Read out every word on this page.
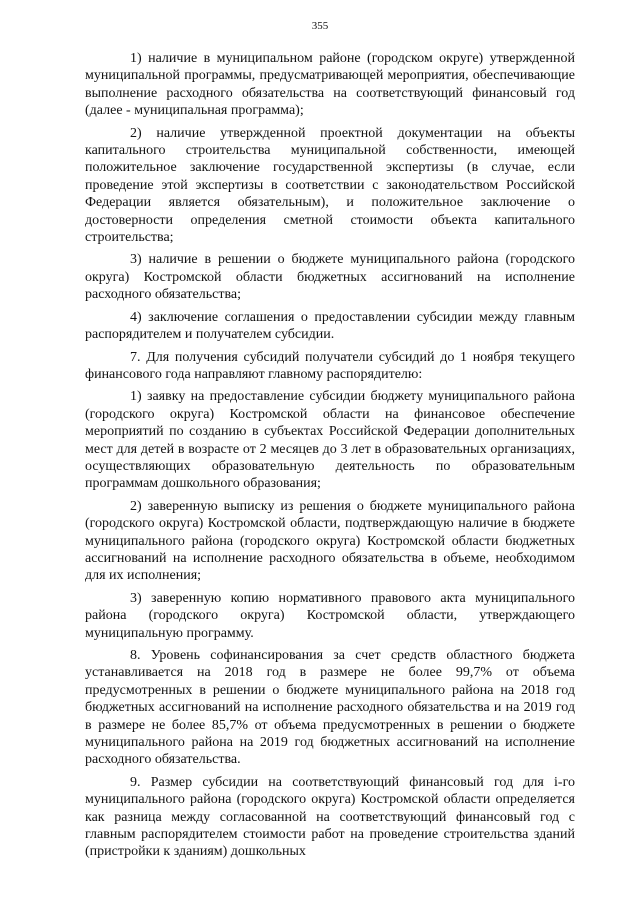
355

1) наличие в муниципальном районе (городском округе) утвержденной муниципальной программы, предусматривающей мероприятия, обеспечивающие выполнение расходного обязательства на соответствующий финансовый год (далее - муниципальная программа);

2) наличие утвержденной проектной документации на объекты капитального строительства муниципальной собственности, имеющей положительное заключение государственной экспертизы (в случае, если проведение этой экспертизы в соответствии с законодательством Российской Федерации является обязательным), и положительное заключение о достоверности определения сметной стоимости объекта капитального строительства;

3) наличие в решении о бюджете муниципального района (городского округа) Костромской области бюджетных ассигнований на исполнение расходного обязательства;

4) заключение соглашения о предоставлении субсидии между главным распорядителем и получателем субсидии.

7. Для получения субсидий получатели субсидий до 1 ноября текущего финансового года направляют главному распорядителю:

1) заявку на предоставление субсидии бюджету муниципального района (городского округа) Костромской области на финансовое обеспечение мероприятий по созданию в субъектах Российской Федерации дополнительных мест для детей в возрасте от 2 месяцев до 3 лет в образовательных организациях, осуществляющих образовательную деятельность по образовательным программам дошкольного образования;

2) заверенную выписку из решения о бюджете муниципального района (городского округа) Костромской области, подтверждающую наличие в бюджете муниципального района (городского округа) Костромской области бюджетных ассигнований на исполнение расходного обязательства в объеме, необходимом для их исполнения;

3) заверенную копию нормативного правового акта муниципального района (городского округа) Костромской области, утверждающего муниципальную программу.

8. Уровень софинансирования за счет средств областного бюджета устанавливается на 2018 год в размере не более 99,7% от объема предусмотренных в решении о бюджете муниципального района на 2018 год бюджетных ассигнований на исполнение расходного обязательства и на 2019 год в размере не более 85,7% от объема предусмотренных в решении о бюджете муниципального района на 2019 год бюджетных ассигнований на исполнение расходного обязательства.

9. Размер субсидии на соответствующий финансовый год для i-го муниципального района (городского округа) Костромской области определяется как разница между согласованной на соответствующий финансовый год с главным распорядителем стоимости работ на проведение строительства зданий (пристройки к зданиям) дошкольных
